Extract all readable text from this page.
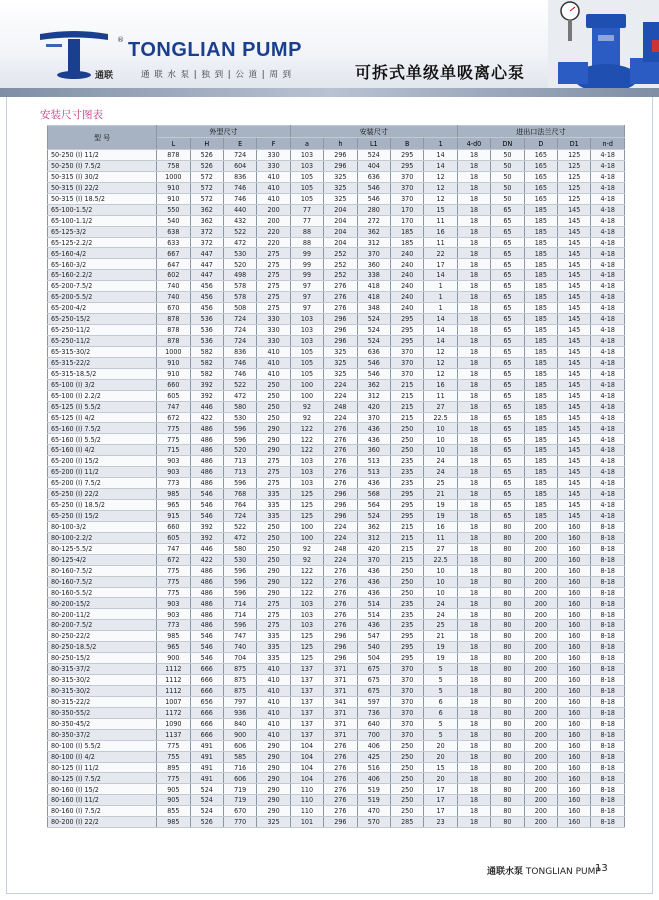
® TONGLIAN PUMP
通联	通 联 水 泵 | 独 到 | 公 道 | 周 到	可拆式单级单吸离心泵
安装尺寸图表
型 号	外型尺寸				安装尺寸					进出口法兰尺寸				
	L	H	E	F	a	h	L1	B	1	4-d0	DN	D	D1	n-d
50-250 (I) 11/2	878	526	724	330	103	296	524	295	14	18	50	165	125	4-18
50-250 (I) 7.5/2	758	526	604	330	103	296	404	295	14	18	50	165	125	4-18
50-315 (I) 30/2	1000	572	836	410	105	325	636	370	12	18	50	165	125	4-18
50-315 (I) 22/2	910	572	746	410	105	325	546	370	12	18	50	165	125	4-18
50-315 (I) 18.5/2	910	572	746	410	105	325	546	370	12	18	50	165	125	4-18
65-100-1.5/2	550	362	440	200	77	204	280	170	15	18	65	185	145	4-18
65-100-1.1/2	540	362	432	200	77	204	272	170	11	18	65	185	145	4-18
65-125-3/2	638	372	522	220	88	204	362	185	16	18	65	185	145	4-18
65-125-2.2/2	633	372	472	220	88	204	312	185	11	18	65	185	145	4-18
65-160-4/2	667	447	530	275	99	252	370	240	22	18	65	185	145	4-18
65-160-3/2	647	447	520	275	99	252	360	240	17	18	65	185	145	4-18
65-160-2.2/2	602	447	498	275	99	252	338	240	14	18	65	185	145	4-18
65-200-7.5/2	740	456	578	275	97	276	418	240	1	18	65	185	145	4-18
65-200-5.5/2	740	456	578	275	97	276	418	240	1	18	65	185	145	4-18
65-200-4/2	670	456	508	275	97	276	348	240	1	18	65	185	145	4-18
65-250-15/2	878	536	724	330	103	296	524	295	14	18	65	185	145	4-18
65-250-11/2	878	536	724	330	103	296	524	295	14	18	65	185	145	4-18
65-250-11/2	878	536	724	330	103	296	524	295	14	18	65	185	145	4-18
65-315-30/2	1000	582	836	410	105	325	636	370	12	18	65	185	145	4-18
65-315-22/2	910	582	746	410	105	325	546	370	12	18	65	185	145	4-18
65-315-18.5/2	910	582	746	410	105	325	546	370	12	18	65	185	145	4-18
65-100 (I) 3/2	660	392	522	250	100	224	362	215	16	18	65	185	145	4-18
65-100 (I) 2.2/2	605	392	472	250	100	224	312	215	11	18	65	185	145	4-18
65-125 (I) 5.5/2	747	446	580	250	92	248	420	215	27	18	65	185	145	4-18
65-125 (I) 4/2	672	422	530	250	92	224	370	215	22.5	18	65	185	145	4-18
65-160 (I) 7.5/2	775	486	596	290	122	276	436	250	10	18	65	185	145	4-18
65-160 (I) 5.5/2	775	486	596	290	122	276	436	250	10	18	65	185	145	4-18
65-160 (I) 4/2	715	486	520	290	122	276	360	250	10	18	65	185	145	4-18
65-200 (I) 15/2	903	486	713	275	103	276	513	235	24	18	65	185	145	4-18
65-200 (I) 11/2	903	486	713	275	103	276	513	235	24	18	65	185	145	4-18
65-200 (I) 7.5/2	773	486	596	275	103	276	436	235	25	18	65	185	145	4-18
65-250 (I) 22/2	985	546	768	335	125	296	568	295	21	18	65	185	145	4-18
65-250 (I) 18.5/2	965	546	764	335	125	296	564	295	19	18	65	185	145	4-18
65-250 (I) 15/2	915	546	724	335	125	296	524	295	19	18	65	185	145	4-18
80-100-3/2	660	392	522	250	100	224	362	215	16	18	80	200	160	8-18
80-100-2.2/2	605	392	472	250	100	224	312	215	11	18	80	200	160	8-18
80-125-5.5/2	747	446	580	250	92	248	420	215	27	18	80	200	160	8-18
80-125-4/2	672	422	530	250	92	224	370	215	22.5	18	80	200	160	8-18
80-160-7.5/2	775	486	596	290	122	276	436	250	10	18	80	200	160	8-18
80-160-7.5/2	775	486	596	290	122	276	436	250	10	18	80	200	160	8-18
80-160-5.5/2	775	486	596	290	122	276	436	250	10	18	80	200	160	8-18
80-200-15/2	903	486	714	275	103	276	514	235	24	18	80	200	160	8-18
80-200-11/2	903	486	714	275	103	276	514	235	24	18	80	200	160	8-18
80-200-7.5/2	773	486	596	275	103	276	436	235	25	18	80	200	160	8-18
80-250-22/2	985	546	747	335	125	296	547	295	21	18	80	200	160	8-18
80-250-18.5/2	965	546	740	335	125	296	540	295	19	18	80	200	160	8-18
80-250-15/2	900	546	704	335	125	296	504	295	19	18	80	200	160	8-18
80-315-37/2	1112	666	875	410	137	371	675	370	5	18	80	200	160	8-18
80-315-30/2	1112	666	875	410	137	371	675	370	5	18	80	200	160	8-18
80-315-30/2	1112	666	875	410	137	371	675	370	5	18	80	200	160	8-18
80-315-22/2	1007	656	797	410	137	341	597	370	6	18	80	200	160	8-18
80-350-55/2	1172	666	936	410	137	371	736	370	6	18	80	200	160	8-18
80-350-45/2	1090	666	840	410	137	371	640	370	5	18	80	200	160	8-18
80-350-37/2	1137	666	900	410	137	371	700	370	5	18	80	200	160	8-18
80-100 (I) 5.5/2	775	491	606	290	104	276	406	250	20	18	80	200	160	8-18
80-100 (I) 4/2	755	491	585	290	104	276	425	250	20	18	80	200	160	8-18
80-125 (I) 11/2	895	491	716	290	104	276	516	250	15	18	80	200	160	8-18
80-125 (I) 7.5/2	775	491	606	290	104	276	406	250	20	18	80	200	160	8-18
80-160 (I) 15/2	905	524	719	290	110	276	519	250	17	18	80	200	160	8-18
80-160 (I) 11/2	905	524	719	290	110	276	519	250	17	18	80	200	160	8-18
80-160 (I) 7.5/2	855	524	670	290	110	276	470	250	17	18	80	200	160	8-18
80-200 (I) 22/2	985	526	770	325	101	296	570	285	23	18	80	200	160	8-18
通联水泵 TONGLIAN PUMP
13
